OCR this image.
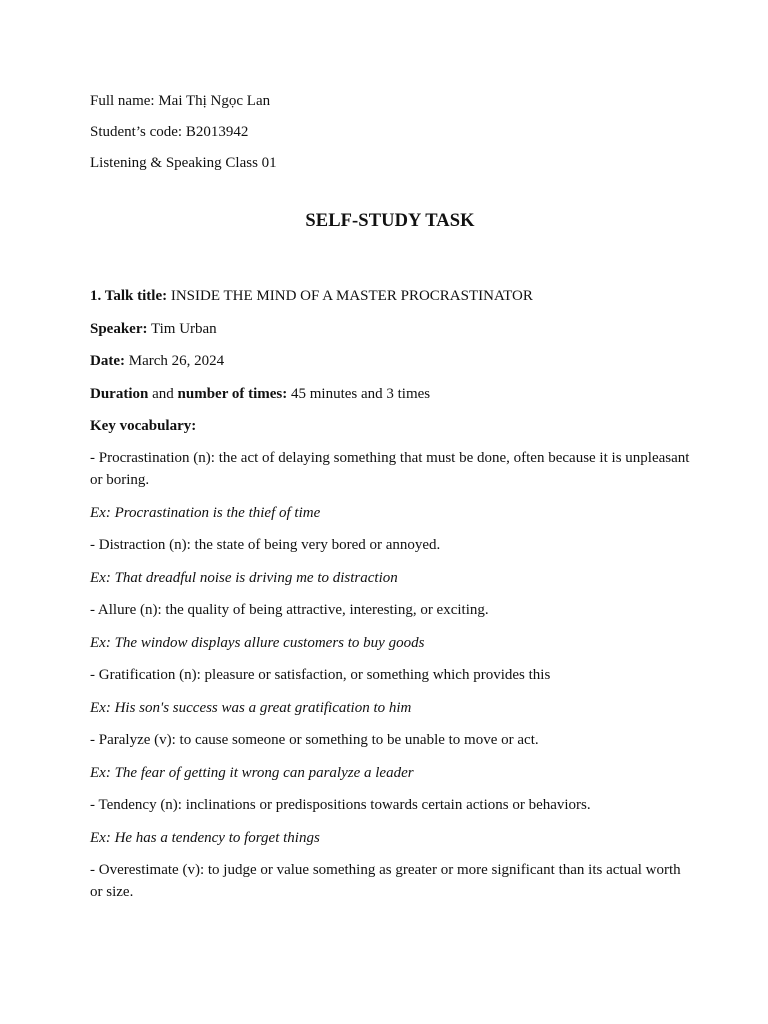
Full name: Mai Thị Ngọc Lan

Student’s code: B2013942

Listening & Speaking Class 01

SELF-STUDY TASK

1. Talk title: INSIDE THE MIND OF A MASTER PROCRASTINATOR

Speaker: Tim Urban

Date: March 26, 2024

Duration and number of times: 45 minutes and 3 times

Key vocabulary:

- Procrastination (n): the act of delaying something that must be done, often because it is unpleasant or boring.

Ex: Procrastination is the thief of time

- Distraction (n): the state of being very bored or annoyed.

Ex: That dreadful noise is driving me to distraction

- Allure (n): the quality of being attractive, interesting, or exciting.

Ex: The window displays allure customers to buy goods

- Gratification (n): pleasure or satisfaction, or something which provides this

Ex: His son's success was a great gratification to him

- Paralyze (v): to cause someone or something to be unable to move or act.

Ex: The fear of getting it wrong can paralyze a leader

- Tendency (n): inclinations or predispositions towards certain actions or behaviors.

Ex: He has a tendency to forget things

- Overestimate (v): to judge or value something as greater or more significant than its actual worth or size.
